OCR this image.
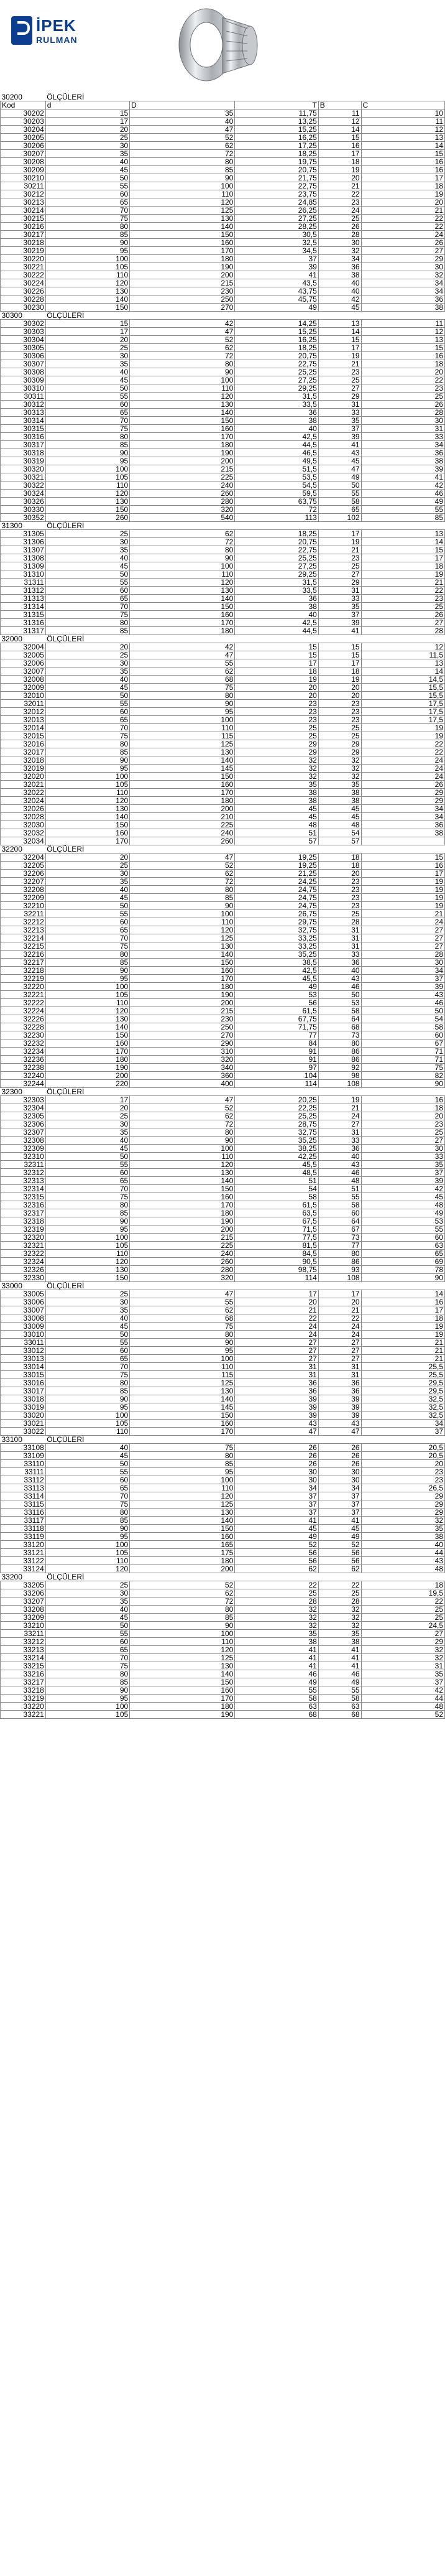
İPEK
RULMAN
30200	ÖLÇÜLERİ				
Kod	d	D	T	B	C
30202	15	35	11,75	11	10
30203	17	40	13,25	12	11
30204	20	47	15,25	14	12
30205	25	52	16,25	15	13
30206	30	62	17,25	16	14
30207	35	72	18,25	17	15
30208	40	80	19,75	18	16
30209	45	85	20,75	19	16
30210	50	90	21,75	20	17
30211	55	100	22,75	21	18
30212	60	110	23,75	22	19
30213	65	120	24,85	23	20
30214	70	125	26,25	24	21
30215	75	130	27,25	25	22
30216	80	140	28,25	26	22
30217	85	150	30,5	28	24
30218	90	160	32,5	30	26
30219	95	170	34,5	32	27
30220	100	180	37	34	29
30221	105	190	39	36	30
30222	110	200	41	38	32
30224	120	215	43,5	40	34
30226	130	230	43,75	40	34
30228	140	250	45,75	42	36
30230	150	270	49	45	38
30300	ÖLÇÜLERİ				
30302	15	42	14,25	13	11
30303	17	47	15,25	14	12
30304	20	52	16,25	15	13
30305	25	62	18,25	17	15
30306	30	72	20,75	19	16
30307	35	80	22,75	21	18
30308	40	90	25,25	23	20
30309	45	100	27,25	25	22
30310	50	110	29,25	27	23
30311	55	120	31,5	29	25
30312	60	130	33,5	31	26
30313	65	140	36	33	28
30314	70	150	38	35	30
30315	75	160	40	37	31
30316	80	170	42,5	39	33
30317	85	180	44,5	41	34
30318	90	190	46,5	43	36
30319	95	200	49,5	45	38
30320	100	215	51,5	47	39
30321	105	225	53,5	49	41
30322	110	240	54,5	50	42
30324	120	260	59,5	55	46
30326	130	280	63,75	58	49
30330	150	320	72	65	55
30352	260	540	113	102	85
31300	ÖLÇÜLERİ				
31305	25	62	18,25	17	13
31306	30	72	20,75	19	14
31307	35	80	22,75	21	15
31308	40	90	25,25	23	17
31309	45	100	27,25	25	18
31310	50	110	29,25	27	19
31311	55	120	31,5	29	21
31312	60	130	33,5	31	22
31313	65	140	36	33	23
31314	70	150	38	35	25
31315	75	160	40	37	26
31316	80	170	42,5	39	27
31317	85	180	44,5	41	28
32000	ÖLÇÜLERİ				
32004	20	42	15	15	12
32005	25	47	15	15	11,5
32006	30	55	17	17	13
32007	35	62	18	18	14
32008	40	68	19	19	14,5
32009	45	75	20	20	15,5
32010	50	80	20	20	15,5
32011	55	90	23	23	17,5
32012	60	95	23	23	17,5
32013	65	100	23	23	17,5
32014	70	110	25	25	19
32015	75	115	25	25	19
32016	80	125	29	29	22
32017	85	130	29	29	22
32018	90	140	32	32	24
32019	95	145	32	32	24
32020	100	150	32	32	24
32021	105	160	35	35	26
32022	110	170	38	38	29
32024	120	180	38	38	29
32026	130	200	45	45	34
32028	140	210	45	45	34
32030	150	225	48	48	36
32032	160	240	51	54	38
32034	170	260	57	57	
32200	ÖLÇÜLERİ				
32204	20	47	19,25	18	15
32205	25	52	19,25	18	16
32206	30	62	21,25	20	17
32207	35	72	24,25	23	19
32208	40	80	24,75	23	19
32209	45	85	24,75	23	19
32210	50	90	24,75	23	19
32211	55	100	26,75	25	21
32212	60	110	29,75	28	24
32213	65	120	32,75	31	27
32214	70	125	33,25	31	27
32215	75	130	33,25	31	27
32216	80	140	35,25	33	28
32217	85	150	38,5	36	30
32218	90	160	42,5	40	34
32219	95	170	45,5	43	37
32220	100	180	49	46	39
32221	105	190	53	50	43
32222	110	200	56	53	46
32224	120	215	61,5	58	50
32226	130	230	67,75	64	54
32228	140	250	71,75	68	58
32230	150	270	77	73	60
32232	160	290	84	80	67
32234	170	310	91	86	71
32236	180	320	91	86	71
32238	190	340	97	92	75
32240	200	360	104	98	82
32244	220	400	114	108	90
32300	ÖLÇÜLERİ				
32303	17	47	20,25	19	16
32304	20	52	22,25	21	18
32305	25	62	25,25	24	20
32306	30	72	28,75	27	23
32307	35	80	32,75	31	25
32308	40	90	35,25	33	27
32309	45	100	38,25	36	30
32310	50	110	42,25	40	33
32311	55	120	45,5	43	35
32312	60	130	48,5	46	37
32313	65	140	51	48	39
32314	70	150	54	51	42
32315	75	160	58	55	45
32316	80	170	61,5	58	48
32317	85	180	63,5	60	49
32318	90	190	67,5	64	53
32319	95	200	71,5	67	55
32320	100	215	77,5	73	60
32321	105	225	81,5	77	63
32322	110	240	84,5	80	65
32324	120	260	90,5	86	69
32326	130	280	98,75	93	78
32330	150	320	114	108	90
33000	ÖLÇÜLERİ				
33005	25	47	17	17	14
33006	30	55	20	20	16
33007	35	62	21	21	17
33008	40	68	22	22	18
33009	45	75	24	24	19
33010	50	80	24	24	19
33011	55	90	27	27	21
33012	60	95	27	27	21
33013	65	100	27	27	21
33014	70	110	31	31	25,5
33015	75	115	31	31	25,5
33016	80	125	36	36	29,5
33017	85	130	36	36	29,5
33018	90	140	39	39	32,5
33019	95	145	39	39	32,5
33020	100	150	39	39	32,5
33021	105	160	43	43	34
33022	110	170	47	47	37
33100	ÖLÇÜLERİ				
33108	40	75	26	26	20,5
33109	45	80	26	26	20,5
33110	50	85	26	26	20
33111	55	95	30	30	23
33112	60	100	30	30	23
33113	65	110	34	34	26,5
33114	70	120	37	37	29
33115	75	125	37	37	29
33116	80	130	37	37	29
33117	85	140	41	41	32
33118	90	150	45	45	35
33119	95	160	49	49	38
33120	100	165	52	52	40
33121	105	175	56	56	44
33122	110	180	56	56	43
33124	120	200	62	62	48
33200	ÖLÇÜLERİ				
33205	25	52	22	22	18
33206	30	62	25	25	19,5
33207	35	72	28	28	22
33208	40	80	32	32	25
33209	45	85	32	32	25
33210	50	90	32	32	24,5
33211	55	100	35	35	27
33212	60	110	38	38	29
33213	65	120	41	41	32
33214	70	125	41	41	32
33215	75	130	41	41	31
33216	80	140	46	46	35
33217	85	150	49	49	37
33218	90	160	55	55	42
33219	95	170	58	58	44
33220	100	180	63	63	48
33221	105	190	68	68	52
